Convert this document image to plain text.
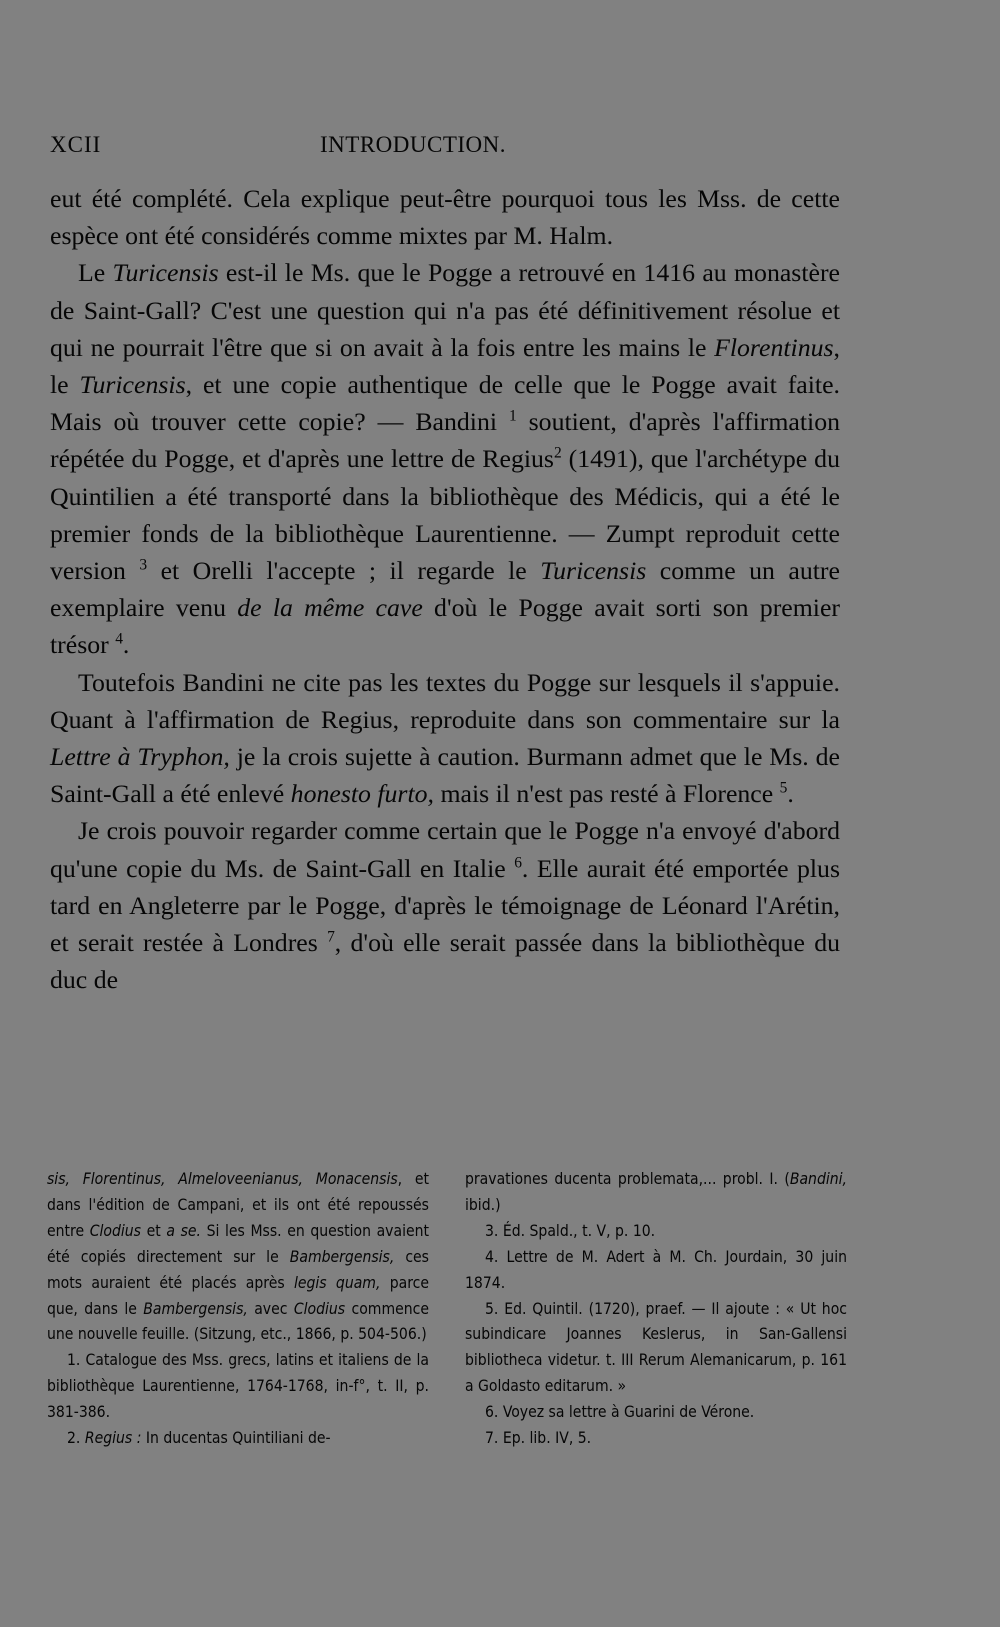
XCII	INTRODUCTION.

eut été complété. Cela explique peut-être pourquoi tous les Mss. de cette espèce ont été considérés comme mixtes par M. Halm.

Le Turicensis est-il le Ms. que le Pogge a retrouvé en 1416 au monastère de Saint-Gall? C'est une question qui n'a pas été définitivement résolue et qui ne pourrait l'être que si on avait à la fois entre les mains le Florentinus, le Turicensis, et une copie authentique de celle que le Pogge avait faite. Mais où trouver cette copie? — Bandini $^1$ soutient, d'après l'affirmation répétée du Pogge, et d'après une lettre de Regius$^2$ (1491), que l'archétype du Quintilien a été transporté dans la bibliothèque des Médicis, qui a été le premier fonds de la bibliothèque Laurentienne. — Zumpt reproduit cette version $^3$ et Orelli l'accepte ; il regarde le Turicensis comme un autre exemplaire venu de la même cave d'où le Pogge avait sorti son premier trésor $^4$.

Toutefois Bandini ne cite pas les textes du Pogge sur lesquels il s'appuie. Quant à l'affirmation de Regius, reproduite dans son commentaire sur la Lettre à Tryphon, je la crois sujette à caution. Burmann admet que le Ms. de Saint-Gall a été enlevé honesto furto, mais il n'est pas resté à Florence $^5$.

Je crois pouvoir regarder comme certain que le Pogge n'a envoyé d'abord qu'une copie du Ms. de Saint-Gall en Italie $^6$. Elle aurait été emportée plus tard en Angleterre par le Pogge, d'après le témoignage de Léonard l'Arétin, et serait restée à Londres $^7$, d'où elle serait passée dans la bibliothèque du duc de

sis, Florentinus, Almeloveenianus, Monacensis, et dans l'édition de Campani, et ils ont été repoussés entre Clodius et a se. Si les Mss. en question avaient été copiés directement sur le Bambergensis, ces mots auraient été placés après legis quam, parce que, dans le Bambergensis, avec Clodius commence une nouvelle feuille. (Sitzung, etc., 1866, p. 504-506.)

1. Catalogue des Mss. grecs, latins et italiens de la bibliothèque Laurentienne, 1764-1768, in-f°, t. II, p. 381-386.

2. Regius : In ducentas Quintiliani de-

pravationes ducenta problemata,... probl. I. (Bandini, ibid.)

3. Éd. Spald., t. V, p. 10.

4. Lettre de M. Adert à M. Ch. Jourdain, 30 juin 1874.

5. Ed. Quintil. (1720), praef. — Il ajoute : « Ut hoc subindicare Joannes Keslerus, in San-Gallensi bibliotheca videtur. t. III Rerum Alemanicarum, p. 161 a Goldasto editarum. »

6. Voyez sa lettre à Guarini de Vérone.

7. Ep. lib. IV, 5.
